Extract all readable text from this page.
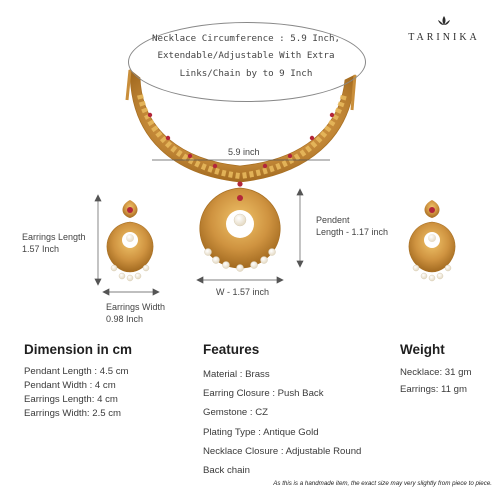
Necklace Circumference : 5.9 Inch,
Extendable/Adjustable With Extra
Links/Chain by to 9 Inch
TARINIKA
5.9 inch
Earrings Length
1.57 Inch
Earrings Width
0.98 Inch
Pendent
Length - 1.17 inch
W - 1.57 inch
Dimension in cm
Pendant Length : 4.5 cm
Pendant Width : 4 cm
Earrings Length: 4 cm
Earrings Width: 2.5 cm
Features
Material : Brass
Earring Closure : Push Back
Gemstone : CZ
Plating Type : Antique Gold
Necklace Closure : Adjustable Round
Back chain
Weight
Necklace: 31 gm
Earrings: 11 gm
As this is a handmade item, the exact size may very slightly from piece to piece.
